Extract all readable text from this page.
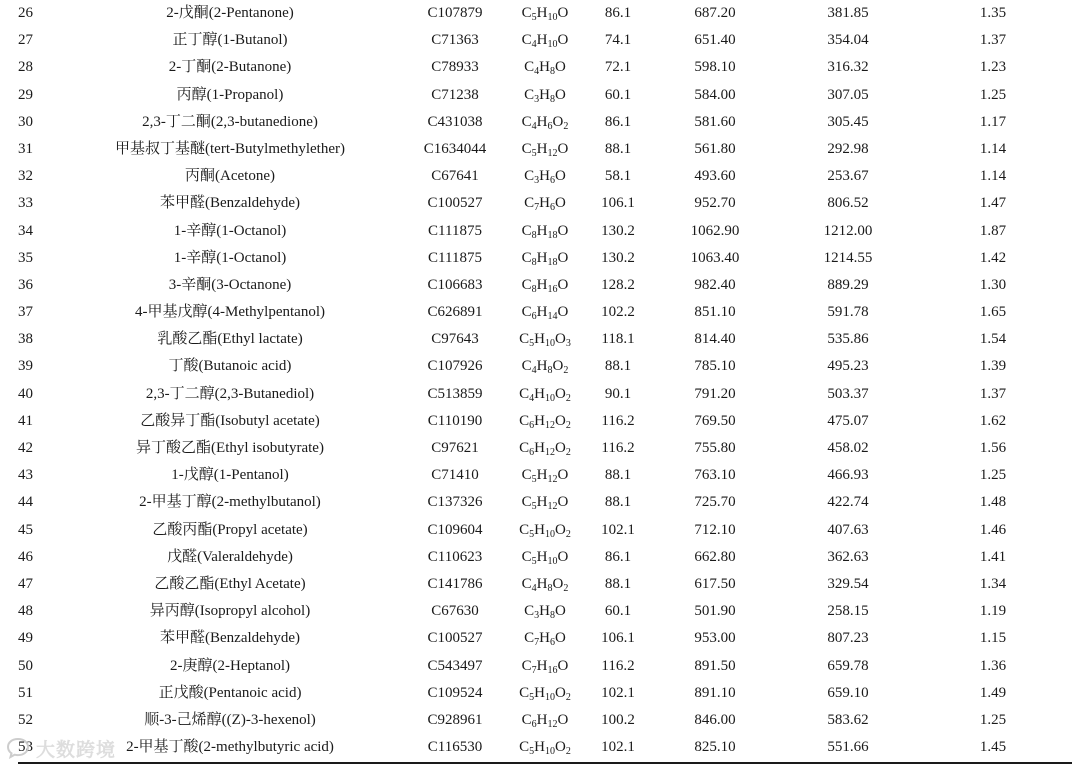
26	2-戊酮(2-Pentanone)	C107879	$C_5H_{10}O$	86.1	687.20	381.85	1.35
27	正丁醇(1-Butanol)	C71363	$C_4H_{10}O$	74.1	651.40	354.04	1.37
28	2-丁酮(2-Butanone)	C78933	$C_4H_8O$	72.1	598.10	316.32	1.23
29	丙醇(1-Propanol)	C71238	$C_3H_8O$	60.1	584.00	307.05	1.25
30	2,3-丁二酮(2,3-butanedione)	C431038	$C_4H_6O_2$	86.1	581.60	305.45	1.17
31	甲基叔丁基醚(tert-Butylmethylether)	C1634044	$C_5H_{12}O$	88.1	561.80	292.98	1.14
32	丙酮(Acetone)	C67641	$C_3H_6O$	58.1	493.60	253.67	1.14
33	苯甲醛(Benzaldehyde)	C100527	$C_7H_6O$	106.1	952.70	806.52	1.47
34	1-辛醇(1-Octanol)	C111875	$C_8H_{18}O$	130.2	1062.90	1212.00	1.87
35	1-辛醇(1-Octanol)	C111875	$C_8H_{18}O$	130.2	1063.40	1214.55	1.42
36	3-辛酮(3-Octanone)	C106683	$C_8H_{16}O$	128.2	982.40	889.29	1.30
37	4-甲基戊醇(4-Methylpentanol)	C626891	$C_6H_{14}O$	102.2	851.10	591.78	1.65
38	乳酸乙酯(Ethyl lactate)	C97643	$C_5H_{10}O_3$	118.1	814.40	535.86	1.54
39	丁酸(Butanoic acid)	C107926	$C_4H_8O_2$	88.1	785.10	495.23	1.39
40	2,3-丁二醇(2,3-Butanediol)	C513859	$C_4H_{10}O_2$	90.1	791.20	503.37	1.37
41	乙酸异丁酯(Isobutyl acetate)	C110190	$C_6H_{12}O_2$	116.2	769.50	475.07	1.62
42	异丁酸乙酯(Ethyl isobutyrate)	C97621	$C_6H_{12}O_2$	116.2	755.80	458.02	1.56
43	1-戊醇(1-Pentanol)	C71410	$C_5H_{12}O$	88.1	763.10	466.93	1.25
44	2-甲基丁醇(2-methylbutanol)	C137326	$C_5H_{12}O$	88.1	725.70	422.74	1.48
45	乙酸丙酯(Propyl acetate)	C109604	$C_5H_{10}O_2$	102.1	712.10	407.63	1.46
46	戊醛(Valeraldehyde)	C110623	$C_5H_{10}O$	86.1	662.80	362.63	1.41
47	乙酸乙酯(Ethyl Acetate)	C141786	$C_4H_8O_2$	88.1	617.50	329.54	1.34
48	异丙醇(Isopropyl alcohol)	C67630	$C_3H_8O$	60.1	501.90	258.15	1.19
49	苯甲醛(Benzaldehyde)	C100527	$C_7H_6O$	106.1	953.00	807.23	1.15
50	2-庚醇(2-Heptanol)	C543497	$C_7H_{16}O$	116.2	891.50	659.78	1.36
51	正戊酸(Pentanoic acid)	C109524	$C_5H_{10}O_2$	102.1	891.10	659.10	1.49
52	顺-3-己烯醇((Z)-3-hexenol)	C928961	$C_6H_{12}O$	100.2	846.00	583.62	1.25
53	2-甲基丁酸(2-methylbutyric acid)	C116530	$C_5H_{10}O_2$	102.1	825.10	551.66	1.45
大数跨境
